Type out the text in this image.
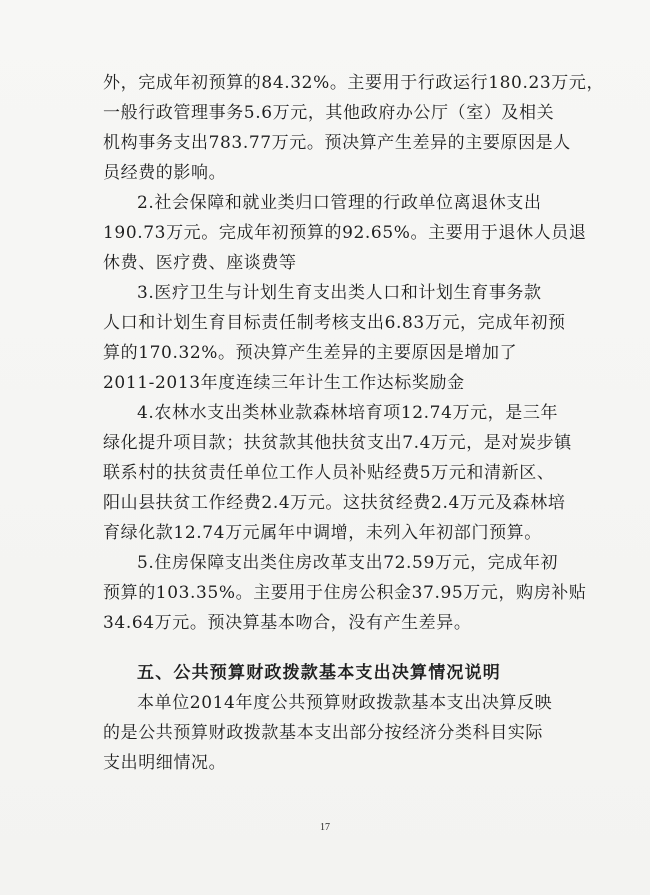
外，完成年初预算的84.32%。主要用于行政运行180.23万元，
一般行政管理事务5.6万元，其他政府办公厅（室）及相关
机构事务支出783.77万元。预决算产生差异的主要原因是人
员经费的影响。
2.社会保障和就业类归口管理的行政单位离退休支出
190.73万元。完成年初预算的92.65%。主要用于退休人员退
休费、医疗费、座谈费等
3.医疗卫生与计划生育支出类人口和计划生育事务款
人口和计划生育目标责任制考核支出6.83万元，完成年初预
算的170.32%。预决算产生差异的主要原因是增加了
2011-2013年度连续三年计生工作达标奖励金
4.农林水支出类林业款森林培育项12.74万元，是三年
绿化提升项目款；扶贫款其他扶贫支出7.4万元，是对炭步镇
联系村的扶贫责任单位工作人员补贴经费5万元和清新区、
阳山县扶贫工作经费2.4万元。这扶贫经费2.4万元及森林培
育绿化款12.74万元属年中调增，未列入年初部门预算。
5.住房保障支出类住房改革支出72.59万元，完成年初
预算的103.35%。主要用于住房公积金37.95万元，购房补贴
34.64万元。预决算基本吻合，没有产生差异。
五、公共预算财政拨款基本支出决算情况说明
本单位2014年度公共预算财政拨款基本支出决算反映
的是公共预算财政拨款基本支出部分按经济分类科目实际
支出明细情况。
17
